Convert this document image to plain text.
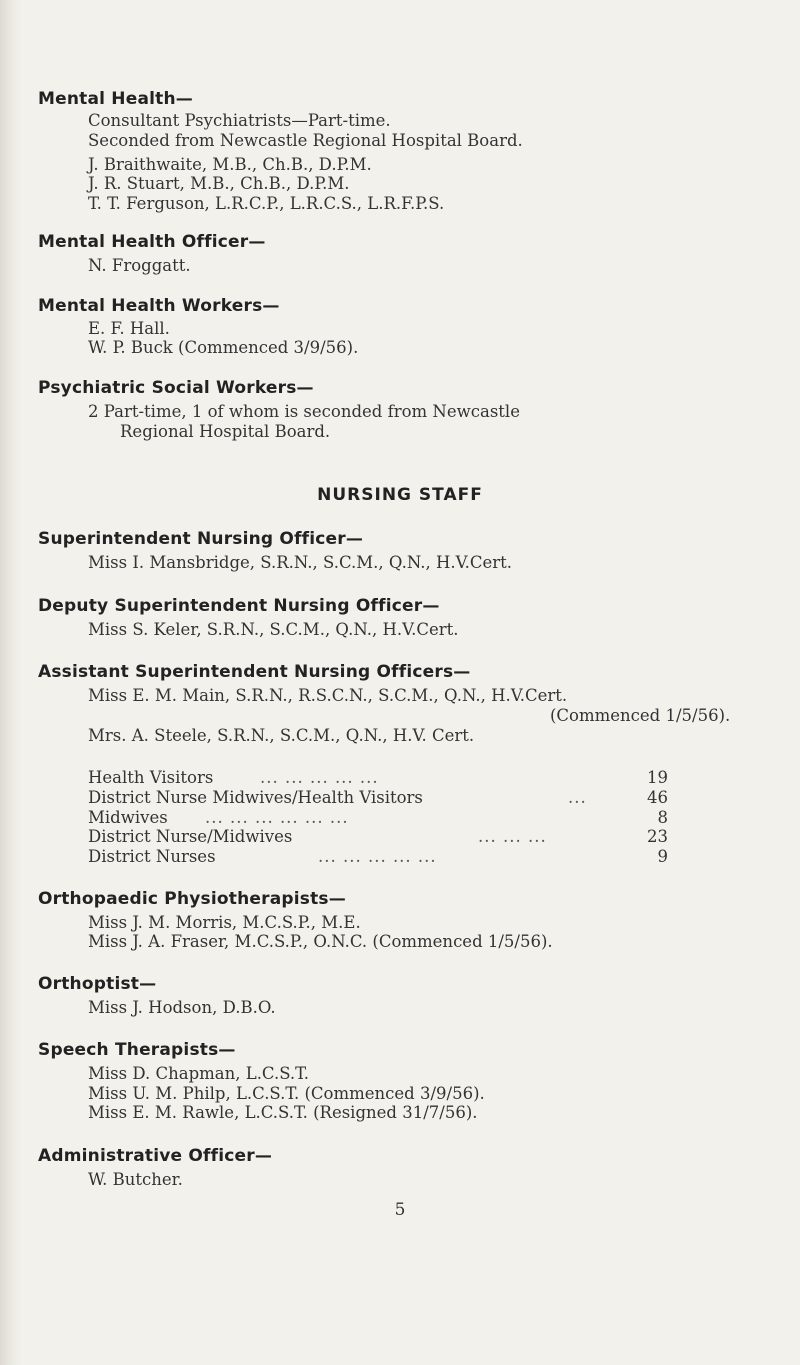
Mental Health—
Consultant Psychiatrists—Part-time.
Seconded from Newcastle Regional Hospital Board.
J. Braithwaite, M.B., Ch.B., D.P.M.
J. R. Stuart, M.B., Ch.B., D.P.M.
T. T. Ferguson, L.R.C.P., L.R.C.S., L.R.F.P.S.
Mental Health Officer—
N. Froggatt.
Mental Health Workers—
E. F. Hall.
W. P. Buck (Commenced 3/9/56).
Psychiatric Social Workers—
2 Part-time, 1 of whom is seconded from Newcastle
Regional Hospital Board.
NURSING STAFF
Superintendent Nursing Officer—
Miss I. Mansbridge, S.R.N., S.C.M., Q.N., H.V.Cert.
Deputy Superintendent Nursing Officer—
Miss S. Keler, S.R.N., S.C.M., Q.N., H.V.Cert.
Assistant Superintendent Nursing Officers—
Miss E. M. Main, S.R.N., R.S.C.N., S.C.M., Q.N., H.V.Cert.
(Commenced 1/5/56).
Mrs. A. Steele, S.R.N., S.C.M., Q.N., H.V. Cert.
Health Visitors	... ... ... ... ...	19
District Nurse Midwives/Health Visitors	...	46
Midwives ... ... ... ... ... ...	8
District Nurse/Midwives	... ... ...	23
District Nurses	... ... ... ... ...	9
Orthopaedic Physiotherapists—
Miss J. M. Morris, M.C.S.P., M.E.
Miss J. A. Fraser, M.C.S.P., O.N.C. (Commenced 1/5/56).
Orthoptist—
Miss J. Hodson, D.B.O.
Speech Therapists—
Miss D. Chapman, L.C.S.T.
Miss U. M. Philp, L.C.S.T. (Commenced 3/9/56).
Miss E. M. Rawle, L.C.S.T. (Resigned 31/7/56).
Administrative Officer—
W. Butcher.
5
